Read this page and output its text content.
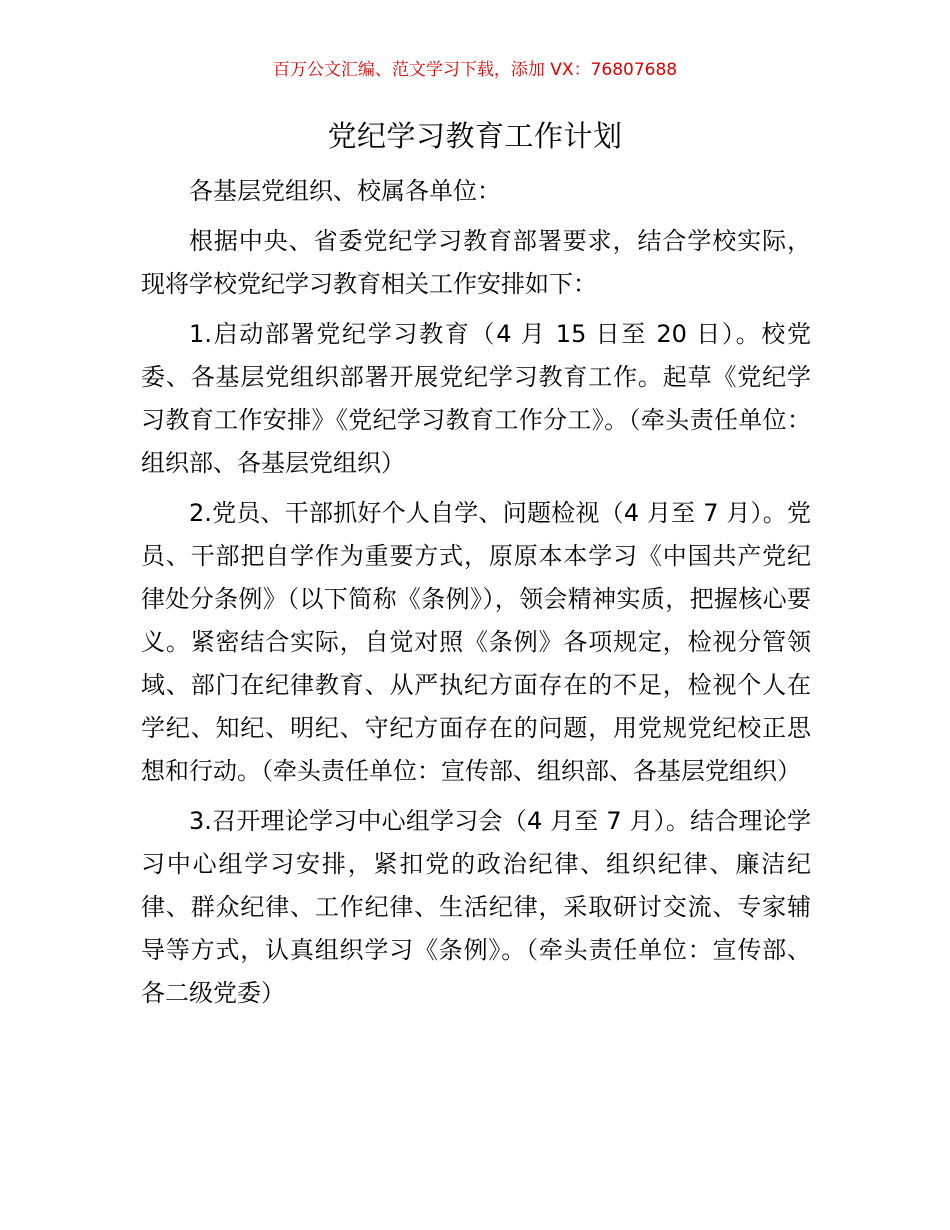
百万公文汇编、范文学习下载，添加 VX：76807688
党纪学习教育工作计划

各基层党组织、校属各单位：

根据中央、省委党纪学习教育部署要求，结合学校实际，现将学校党纪学习教育相关工作安排如下：

1.启动部署党纪学习教育（4 月 15 日至 20 日）。校党委、各基层党组织部署开展党纪学习教育工作。起草《党纪学习教育工作安排》《党纪学习教育工作分工》。（牵头责任单位：组织部、各基层党组织）

2.党员、干部抓好个人自学、问题检视（4 月至 7 月）。党员、干部把自学作为重要方式，原原本本学习《中国共产党纪律处分条例》（以下简称《条例》），领会精神实质，把握核心要义。紧密结合实际，自觉对照《条例》各项规定，检视分管领域、部门在纪律教育、从严执纪方面存在的不足，检视个人在学纪、知纪、明纪、守纪方面存在的问题，用党规党纪校正思想和行动。（牵头责任单位：宣传部、组织部、各基层党组织）

3.召开理论学习中心组学习会（4 月至 7 月）。结合理论学习中心组学习安排，紧扣党的政治纪律、组织纪律、廉洁纪律、群众纪律、工作纪律、生活纪律，采取研讨交流、专家辅导等方式，认真组织学习《条例》。（牵头责任单位：宣传部、各二级党委）
